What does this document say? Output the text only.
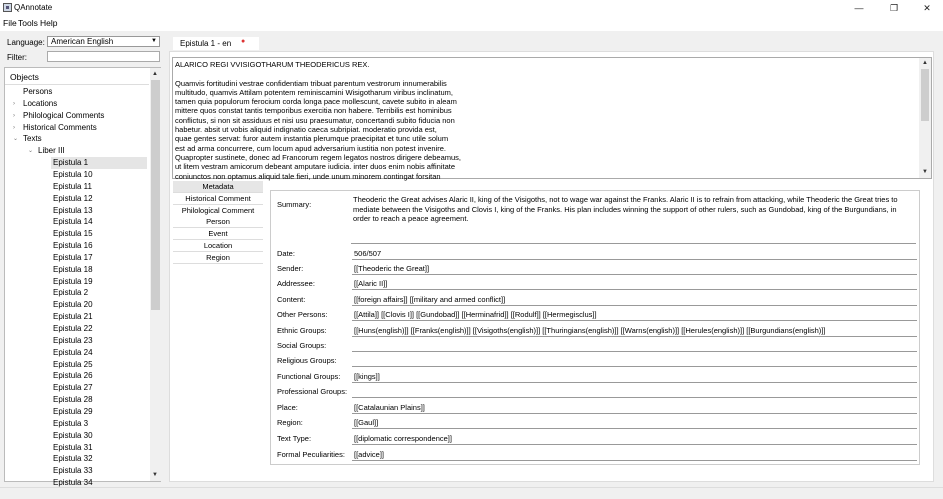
QAnnotate	—	❐	✕
File Tools Help
Language: American English	▼
Filter:
Objects
Persons
Locations
›
Philological Comments
›
Historical Comments
›
Texts
⌄
Liber III
⌄
Epistula 1
Epistula 10
Epistula 11
Epistula 12
Epistula 13
Epistula 14
Epistula 15
Epistula 16
Epistula 17
Epistula 18
Epistula 19
Epistula 2
Epistula 20
Epistula 21
Epistula 22
Epistula 23
Epistula 24
Epistula 25
Epistula 26
Epistula 27
Epistula 28
Epistula 29
Epistula 3
Epistula 30
Epistula 31
Epistula 32
Epistula 33
Epistula 34
▲
▼
Epistula 1 - en ●
ALARICO REGI VVISIGOTHARUM THEODERICUS REX.

Quamvis fortitudini vestrae confidentiam tribuat parentum vestrorum innumerabilis
multitudo, quamvis Attilam potentem reminiscamini Wisigotharum viribus inclinatum,
tamen quia populorum ferocium corda longa pace mollescunt, cavete subito in aleam
mittere quos constat tantis temporibus exercitia non habere. Terribilis est hominibus
conflictus, si non sit assiduus et nisi usu praesumatur, concertandi subito fiducia non
habetur. absit ut vobis aliquid indignatio caeca subripiat. moderatio provida est,
quae gentes servat: furor autem instantia plerumque praecipitat et tunc utile solum
est ad arma concurrere, cum locum apud adversarium iustitia non potest invenire.
Quapropter sustinete, donec ad Francorum regem legatos nostros dirigere debeamus,
ut litem vestram amicorum debeant amputare iudicia. inter duos enim nobis affinitate
coniunctos non optamus aliquid tale fieri, unde unum minorem contingat forsitan
▲
▼
Metadata
Historical Comment
Philological Comment
Person
Event
Location
Region
Summary:
Theoderic the Great advises Alaric II, king of the Visigoths, not to wage war against the Franks. Alaric II is to refrain from attacking, while Theoderic the Great tries to mediate between the Visigoths and Clovis I, king of the Franks. His plan includes winning the support of other rulers, such as Gundobad, king of the Burgundians, in order to reach a peace agreement.
Date:	506/507
Sender:	[[Theoderic the Great]]
Addressee:	[[Alaric II]]
Content:	[[foreign affairs]] [[military and armed conflict]]
Other Persons:	[[Attila]] [[Clovis I]] [[Gundobad]] [[Herminafrid]] [[Rodulf]] [[Hermegisclus]]
Ethnic Groups:	[[Huns(english)]] [[Franks(english)]] [[Visigoths(english)]] [[Thuringians(english)]] [[Warns(english)]] [[Herules(english)]] [[Burgundians(english)]]
Social Groups:
Religious Groups:
Functional Groups: [[kings]]
Professional Groups:
Place:	[[Catalaunian Plains]]
Region:	[[Gaul]]
Text Type:	[[diplomatic correspondence]]
Formal Peculiarities: [[advice]]
